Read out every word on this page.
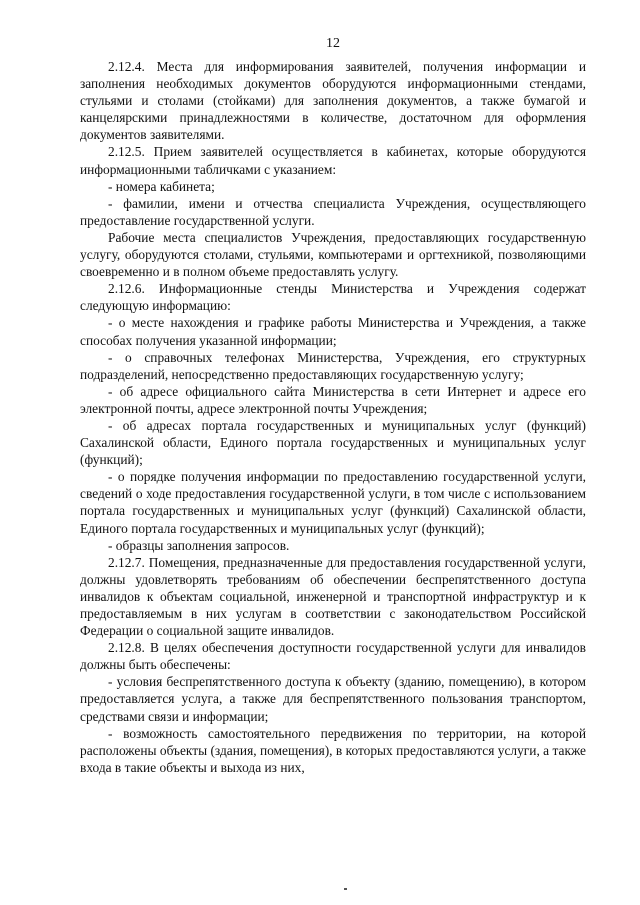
12

2.12.4. Места для информирования заявителей, получения информации и заполнения необходимых документов оборудуются информационными стендами, стульями и столами (стойками) для заполнения документов, а также бумагой и канцелярскими принадлежностями в количестве, достаточном для оформления документов заявителями.

2.12.5. Прием заявителей осуществляется в кабинетах, которые оборудуются информационными табличками с указанием:

- номера кабинета;

- фамилии, имени и отчества специалиста Учреждения, осуществляющего предоставление государственной услуги.

Рабочие места специалистов Учреждения, предоставляющих государственную услугу, оборудуются столами, стульями, компьютерами и оргтехникой, позволяющими своевременно и в полном объеме предоставлять услугу.

2.12.6. Информационные стенды Министерства и Учреждения содержат следующую информацию:

- о месте нахождения и графике работы Министерства и Учреждения, а также способах получения указанной информации;

- о справочных телефонах Министерства, Учреждения, его структурных подразделений, непосредственно предоставляющих государственную услугу;

- об адресе официального сайта Министерства в сети Интернет и адресе его электронной почты, адресе электронной почты Учреждения;

- об адресах портала государственных и муниципальных услуг (функций) Сахалинской области, Единого портала государственных и муниципальных услуг (функций);

- о порядке получения информации по предоставлению государственной услуги, сведений о ходе предоставления государственной услуги, в том числе с использованием портала государственных и муниципальных услуг (функций) Сахалинской области, Единого портала государственных и муниципальных услуг (функций);

- образцы заполнения запросов.

2.12.7. Помещения, предназначенные для предоставления государственной услуги, должны удовлетворять требованиям об обеспечении беспрепятственного доступа инвалидов к объектам социальной, инженерной и транспортной инфраструктур и к предоставляемым в них услугам в соответствии с законодательством Российской Федерации о социальной защите инвалидов.

2.12.8. В целях обеспечения доступности государственной услуги для инвалидов должны быть обеспечены:

- условия беспрепятственного доступа к объекту (зданию, помещению), в котором предоставляется услуга, а также для беспрепятственного пользования транспортом, средствами связи и информации;

- возможность самостоятельного передвижения по территории, на которой расположены объекты (здания, помещения), в которых предоставляются услуги, а также входа в такие объекты и выхода из них,
